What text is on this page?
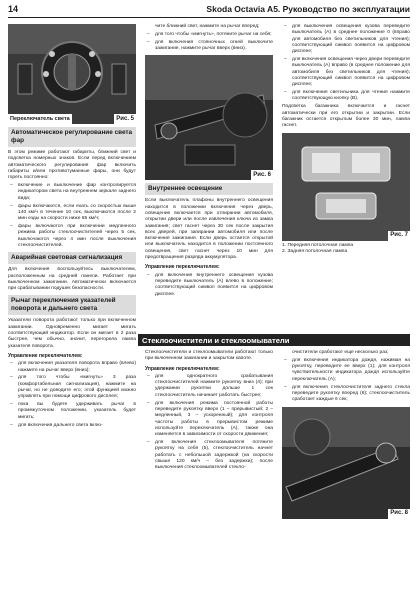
14	Skoda Octavia A5. Руководство по эксплуатации
Переключатель света	Рис. 5
Автоматическое регулирование света фар

В этом режиме работают габариты, ближний свет и подсветка номерных знаков. Если перед включением автоматического регулирования фар включить габариты и/или противотуманные фары, они будут гореть постоянно:

– включение и выключение фар контролируется индикатором света на внутреннем зеркале заднего вида;

– фары включаются, если ехать со скоростью выше 140 км/ч в течение 10 сек, выключаются после 2 мин езды на скорости ниже 65 км/ч;

– фары включаются при включении медленного режима работы стеклоочистителей через 5 сек, выключаются через 4 мин после выключения стеклоочистителей.

Аварийная световая сигнализация

Для включения воспользуйтесь выключателем, расположенным на средней панели. Работает при выключенном зажигании. Автоматически включается при срабатывании подушек безопасности.

Рычаг переключения указателей поворота и дальнего света

Указатели поворота работают только при включенном зажигании. Одновременно мигает мигать соответствующий индикатор. Если он мигает в 2 раза быстрее, чем обычно, значит, перегорела лампа указателя поворота.

Управление переключателем:

– для включения указателя поворота вправо (влево) нажмите на рычаг вверх (вниз);

– для того чтобы «мигнуть» 3 раза (комфортабельная сигнализация), нажмите на рычаг, но не доводите его; этой функцией можно управлять при помощи цифрового дисплея;

– пока вы будете удерживать рычаг в промежуточном положении, указатель будет мигать;

– для включения дальнего света вклю-

чите ближний свет, нажмите на рычаг вперед;

– для того чтобы «мигнуть», потяните рычаг на себя;

– для включения стояночных огней выключите зажигание, нажмите рычаг вверх (вниз).

Рис. 6
Внутреннее освещение

Если выключатель плафоны внутреннего освещения находится в положении включения через дверь, освещение включается при отпирании автомобиля, открытии двери или после извлечения ключа из замка зажигания; свет гаснет через 30 сек после закрытия всех дверей, при запирании автомобиля или после включения зажигания. Если дверь остается открытой или выключатель находится в положении постоянного освещения, свет гаснет через 10 мин для предотвращения разряда аккумулятора.

Управление переключателем:

– для включения внутреннего освещения кузова переведите выключатель (A) влево в положение; соответствующий символ появится на цифровом дисплее.

– для выключения освещения кузова переведите выключатель (A) в среднее положение 0 (вправо для автомобиля без светильников для чтения); соответствующий символ появится на цифровом дисплее;

– для включения освещения через двери переведите выключатель (A) вправо (в среднее положение для автомобиля без светильников для чтения); соответствующий символ появится на цифровом дисплее;

– для включения светильника для чтения нажмите соответствующую кнопку (B).

Подсветка багажника включается и гаснет автоматически при его открытии и закрытии. Если багажник остается открытым более 30 мин, лампа гаснет.

Рис. 7
1. Передняя потолочная лампа
2. Задняя потолочная лампа
Стеклоочистители и стеклоомыватели

Стеклоочистители и стеклоомыватели работают только при включенном зажигании и закрытом капоте.

Управление переключателем:

– для однократного срабатывания стеклоочистителей нажмите рукоятку вниз (4); при удержании рукоятки дольше 1 сек стеклоочиститель начинает работать быстрее;

– для включения режима постоянной работы переведите рукоятку вверх (1 – прерывистый; 2 – медленный, 3 – ускоренный); для контроля частоты работы в прерывистом режиме используйте переключатель (A), также она изменяется в зависимости от скорости движения;

– для включения стеклоомывателя потяните рукоятку на себя (5), стеклоочиститель начнет работать с небольшой задержкой (на скорости свыше 120 км/ч – без задержки); после выключения стеклоомывателей стекло-

очистители сработают еще несколько раз;

– для включения индикатора дождя, нажимая на рукоятку, переведите ее вверх (1); для контроля чувствительности индикатора дождя используйте переключатель (A);

– для включения стеклоочистителя заднего стекла переведите рукоятку вперед (6); стеклоочиститель сработает каждые 6 сек;

Рис. 8
